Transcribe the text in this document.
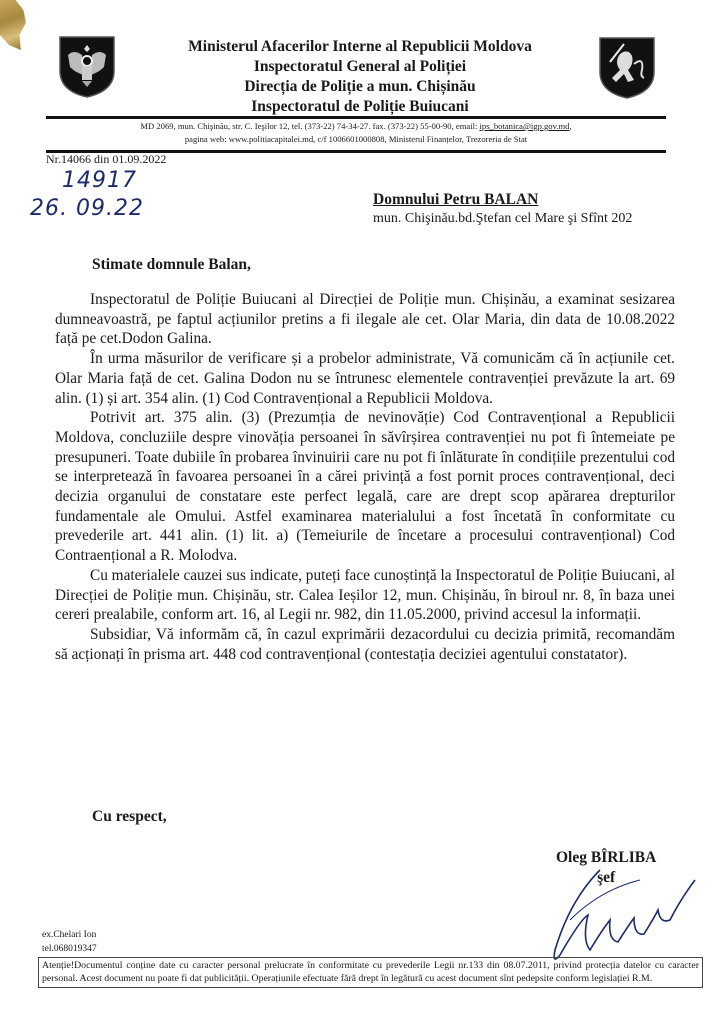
Ministerul Afacerilor Interne al Republicii Moldova
Inspectoratul General al Poliției
Direcția de Poliție a mun. Chișinău
Inspectoratul de Poliție Buiucani
MD 2069, mun. Chişinău, str. C. Ieşilor 12, tel. (373-22) 74-34-27. fax. (373-22) 55-00-90, email: ips_botanica@igp.gov.md,
pagina web: www.politiacapitalei.md, c/f 1006601000808, Ministerul Finanțelor, Trezoreria de Stat
Nr.14066 din 01.09.2022
14917
26. 09.22	Domnului Petru BALAN
mun. Chişinău.bd.Ştefan cel Mare şi Sfînt 202
Stimate domnule Balan,

Inspectoratul de Poliție Buiucani al Direcției de Poliție mun. Chișinău, a examinat sesizarea dumneavoastră, pe faptul acțiunilor pretins a fi ilegale ale cet. Olar Maria, din data de 10.08.2022 față pe cet.Dodon Galina.

În urma măsurilor de verificare și a probelor administrate, Vă comunicăm că în acțiunile cet. Olar Maria față de cet. Galina Dodon nu se întrunesc elementele contravenției prevăzute la art. 69 alin. (1) și art. 354 alin. (1) Cod Contravențional a Republicii Moldova.

Potrivit art. 375 alin. (3) (Prezumția de nevinovăție) Cod Contravențional a Republicii Moldova, concluziile despre vinovăția persoanei în săvîrșirea contravenției nu pot fi întemeiate pe presupuneri. Toate dubiile în probarea învinuirii care nu pot fi înlăturate în condițiile prezentului cod se interpretează în favoarea persoanei în a cărei privință a fost pornit proces contravențional, deci decizia organului de constatare este perfect legală, care are drept scop apărarea drepturilor fundamentale ale Omului. Astfel examinarea materialului a fost încetată în conformitate cu prevederile art. 441 alin. (1) lit. a) (Temeiurile de încetare a procesului contravențional) Cod Contraențional a R. Molodva.

Cu materialele cauzei sus indicate, puteți face cunoștință la Inspectoratul de Poliție Buiucani, al Direcției de Poliție mun. Chișinău, str. Calea Ieșilor 12, mun. Chișinău, în biroul nr. 8, în baza unei cereri prealabile, conform art. 16, al Legii nr. 982, din 11.05.2000, privind accesul la informații.

Subsidiar, Vă informăm că, în cazul exprimării dezacordului cu decizia primită, recomandăm să acționați în prisma art. 448 cod contravențional (contestația deciziei agentului constatator).

Cu respect,
Oleg BÎRLIBA
şef
ex.Chelari Ion
tel.068019347
Atenție!Documentul conține date cu caracter personal prelucrate în conformitate cu prevederile Legii nr.133 din 08.07.2011, privind protecția datelor cu caracter personal. Acest document nu poate fi dat publicității. Operațiunile efectuate fără drept în legătură cu acest document sînt pedepsite conform legislației R.M.
